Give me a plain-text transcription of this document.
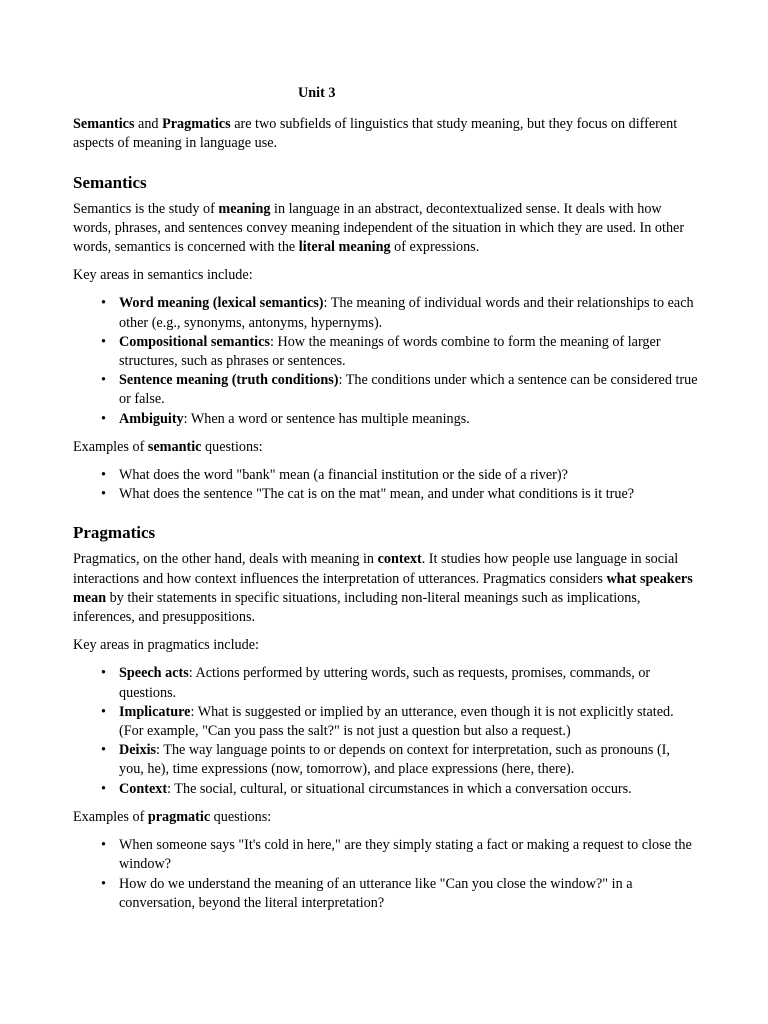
Unit 3

Semantics and Pragmatics are two subfields of linguistics that study meaning, but they focus on different aspects of meaning in language use.

Semantics

Semantics is the study of meaning in language in an abstract, decontextualized sense. It deals with how words, phrases, and sentences convey meaning independent of the situation in which they are used. In other words, semantics is concerned with the literal meaning of expressions.

Key areas in semantics include:

• Word meaning (lexical semantics): The meaning of individual words and their relationships to each other (e.g., synonyms, antonyms, hypernyms).
• Compositional semantics: How the meanings of words combine to form the meaning of larger structures, such as phrases or sentences.
• Sentence meaning (truth conditions): The conditions under which a sentence can be considered true or false.
• Ambiguity: When a word or sentence has multiple meanings.

Examples of semantic questions:

• What does the word "bank" mean (a financial institution or the side of a river)?
• What does the sentence "The cat is on the mat" mean, and under what conditions is it true?
Pragmatics

Pragmatics, on the other hand, deals with meaning in context. It studies how people use language in social interactions and how context influences the interpretation of utterances. Pragmatics considers what speakers mean by their statements in specific situations, including non-literal meanings such as implications, inferences, and presuppositions.

Key areas in pragmatics include:

• Speech acts: Actions performed by uttering words, such as requests, promises, commands, or questions.
• Implicature: What is suggested or implied by an utterance, even though it is not explicitly stated. (For example, "Can you pass the salt?" is not just a question but also a request.)
• Deixis: The way language points to or depends on context for interpretation, such as pronouns (I, you, he), time expressions (now, tomorrow), and place expressions (here, there).
• Context: The social, cultural, or situational circumstances in which a conversation occurs.

Examples of pragmatic questions:

• When someone says "It's cold in here," are they simply stating a fact or making a request to close the window?
• How do we understand the meaning of an utterance like "Can you close the window?" in a conversation, beyond the literal interpretation?
